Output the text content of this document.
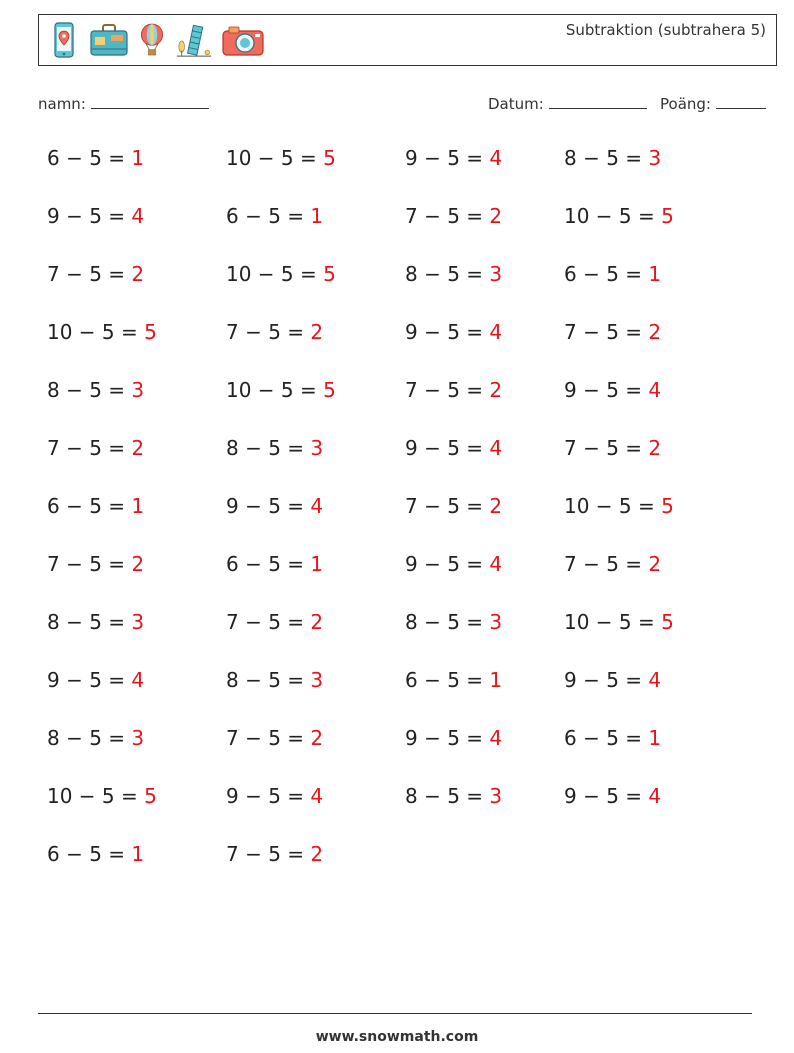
Subtraktion (subtrahera 5)
namn:	Datum:	Poäng:
6 − 5 = 1	10 − 5 = 5	9 − 5 = 4	8 − 5 = 3
9 − 5 = 4	6 − 5 = 1	7 − 5 = 2	10 − 5 = 5
7 − 5 = 2	10 − 5 = 5	8 − 5 = 3	6 − 5 = 1
10 − 5 = 5	7 − 5 = 2	9 − 5 = 4	7 − 5 = 2
8 − 5 = 3	10 − 5 = 5	7 − 5 = 2	9 − 5 = 4
7 − 5 = 2	8 − 5 = 3	9 − 5 = 4	7 − 5 = 2
6 − 5 = 1	9 − 5 = 4	7 − 5 = 2	10 − 5 = 5
7 − 5 = 2	6 − 5 = 1	9 − 5 = 4	7 − 5 = 2
8 − 5 = 3	7 − 5 = 2	8 − 5 = 3	10 − 5 = 5
9 − 5 = 4	8 − 5 = 3	6 − 5 = 1	9 − 5 = 4
8 − 5 = 3	7 − 5 = 2	9 − 5 = 4	6 − 5 = 1
10 − 5 = 5	9 − 5 = 4	8 − 5 = 3	9 − 5 = 4
6 − 5 = 1	7 − 5 = 2
www.snowmath.com
